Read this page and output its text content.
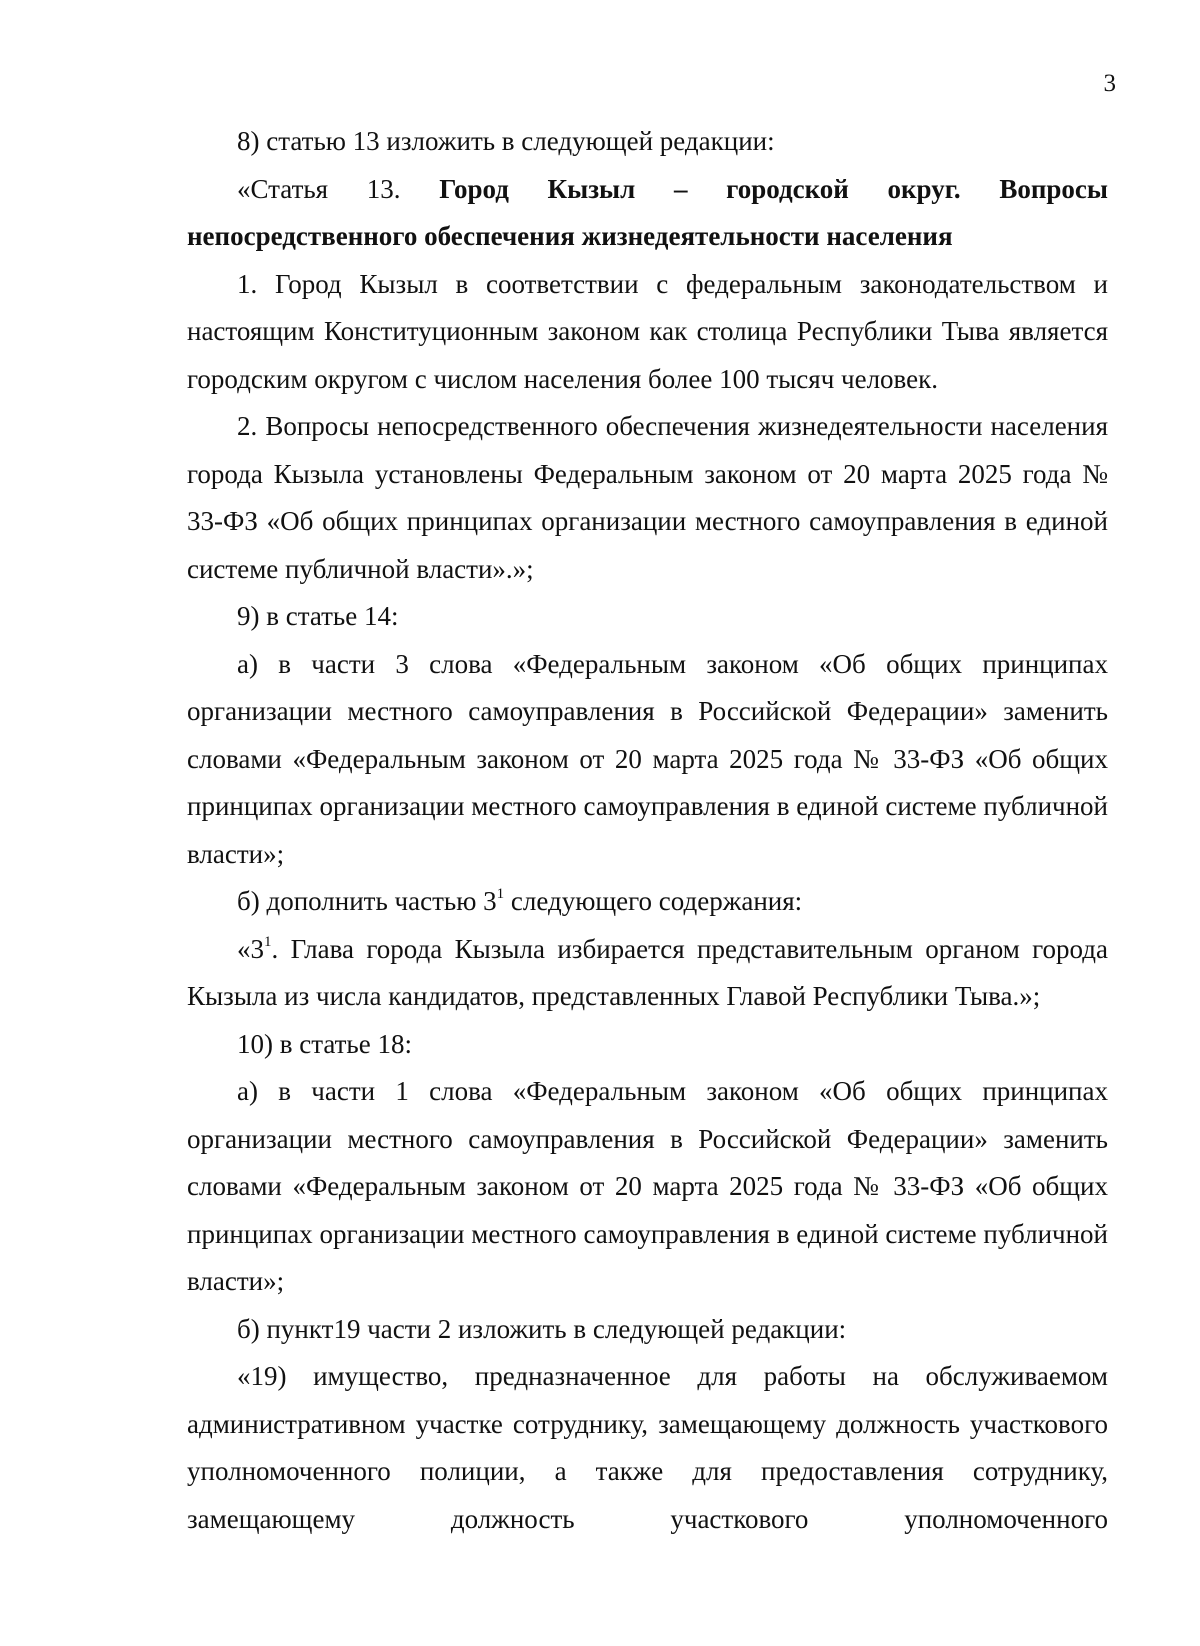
3

8) статью 13 изложить в следующей редакции:

«Статья 13. Город Кызыл – городской округ. Вопросы непосредственного обеспечения жизнедеятельности населения

1. Город Кызыл в соответствии с федеральным законодательством и настоящим Конституционным законом как столица Республики Тыва является городским округом с числом населения более 100 тысяч человек.

2. Вопросы непосредственного обеспечения жизнедеятельности населения города Кызыла установлены Федеральным законом от 20 марта 2025 года № 33-ФЗ «Об общих принципах организации местного самоуправления в единой системе публичной власти».»;

9) в статье 14:

а) в части 3 слова «Федеральным законом «Об общих принципах организации местного самоуправления в Российской Федерации» заменить словами «Федеральным законом от 20 марта 2025 года № 33-ФЗ «Об общих принципах организации местного самоуправления в единой системе публичной власти»;

б) дополнить частью $3^1$ следующего содержания:

«$3^1$. Глава города Кызыла избирается представительным органом города Кызыла из числа кандидатов, представленных Главой Республики Тыва.»;

10) в статье 18:

а) в части 1 слова «Федеральным законом «Об общих принципах организации местного самоуправления в Российской Федерации» заменить словами «Федеральным законом от 20 марта 2025 года № 33-ФЗ «Об общих принципах организации местного самоуправления в единой системе публичной власти»;

б) пункт19 части 2 изложить в следующей редакции:

«19) имущество, предназначенное для работы на обслуживаемом административном участке сотруднику, замещающему должность участкового уполномоченного полиции, а также для предоставления сотруднику, замещающему должность участкового уполномоченного
